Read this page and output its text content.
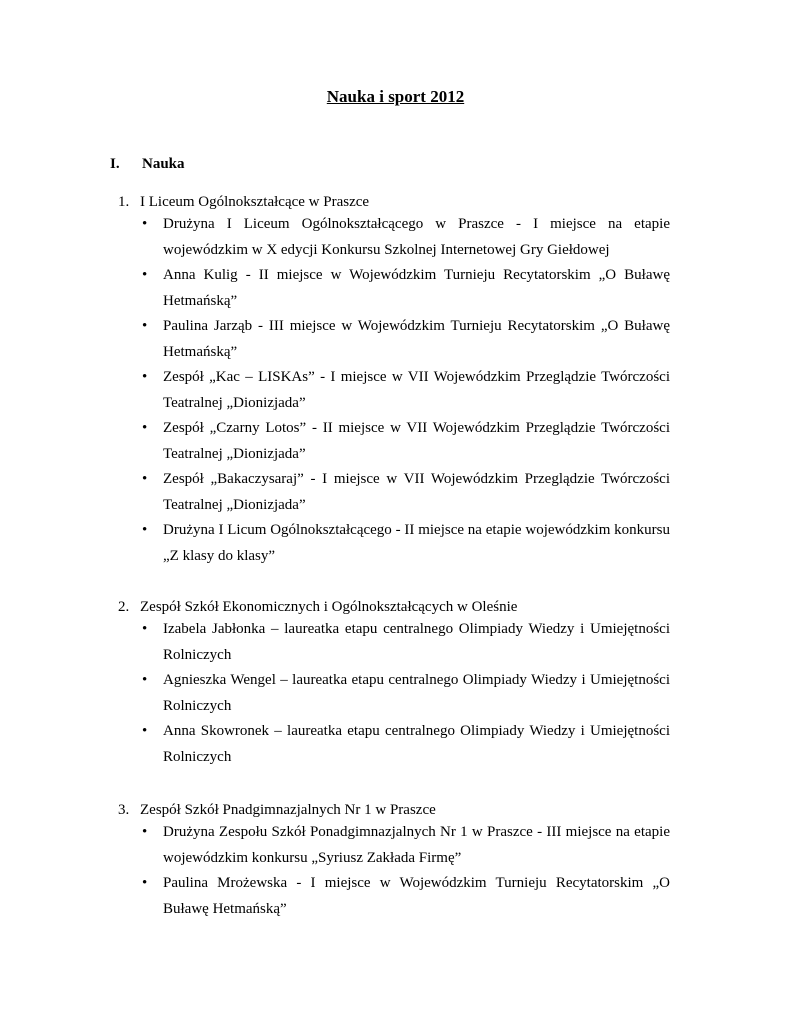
Nauka i sport 2012
I. Nauka
1. I Liceum Ogólnokształcące w Praszce
• Drużyna I Liceum Ogólnokształcącego w Praszce - I miejsce na etapie wojewódzkim w X edycji Konkursu Szkolnej Internetowej Gry Giełdowej
• Anna Kulig - II miejsce w Wojewódzkim Turnieju Recytatorskim „O Buławę Hetmańską”
• Paulina Jarząb - III miejsce w Wojewódzkim Turnieju Recytatorskim „O Buławę Hetmańską”
• Zespół „Kac – LISKAs” - I miejsce w VII Wojewódzkim Przeglądzie Twórczości Teatralnej „Dionizjada”
• Zespół „Czarny Lotos” - II miejsce w VII Wojewódzkim Przeglądzie Twórczości Teatralnej „Dionizjada”
• Zespół „Bakaczysaraj” - I miejsce w VII Wojewódzkim Przeglądzie Twórczości Teatralnej „Dionizjada”
• Drużyna I Licum Ogólnokształcącego - II miejsce na etapie wojewódzkim konkursu „Z klasy do klasy”
2. Zespół Szkół Ekonomicznych i Ogólnokształcących w Oleśnie
• Izabela Jabłonka – laureatka etapu centralnego Olimpiady Wiedzy i Umiejętności Rolniczych
• Agnieszka Wengel – laureatka etapu centralnego Olimpiady Wiedzy i Umiejętności Rolniczych
• Anna Skowronek – laureatka etapu centralnego Olimpiady Wiedzy i Umiejętności Rolniczych
3. Zespół Szkół Pnadgimnazjalnych Nr 1 w Praszce
• Drużyna Zespołu Szkół Ponadgimnazjalnych Nr 1 w Praszce - III miejsce na etapie wojewódzkim konkursu „Syriusz Zakłada Firmę”
• Paulina Mrożewska - I miejsce w Wojewódzkim Turnieju Recytatorskim „O Buławę Hetmańską”
